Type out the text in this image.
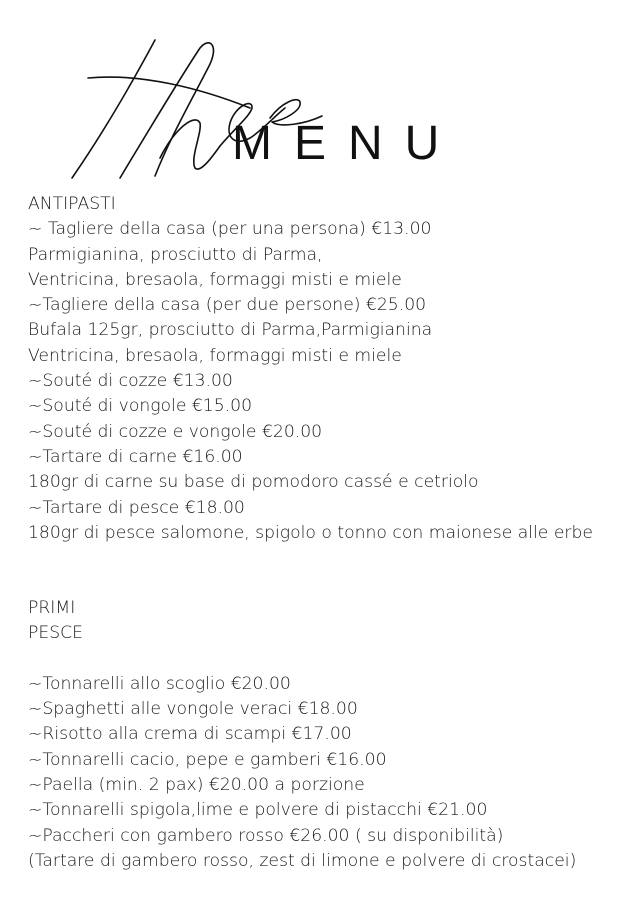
MENU
ANTIPASTI
~ Tagliere della casa (per una persona) €13.00
Parmigianina, prosciutto di Parma,
Ventricina, bresaola, formaggi misti e miele
~Tagliere della casa (per due persone) €25.00
Bufala 125gr, prosciutto di Parma,Parmigianina
Ventricina, bresaola, formaggi misti e miele
~Souté di cozze €13.00
~Souté di vongole €15.00
~Souté di cozze e vongole €20.00
~Tartare di carne €16.00
180gr di carne su base di pomodoro cassé e cetriolo
~Tartare di pesce €18.00
180gr di pesce salomone, spigolo o tonno con maionese alle erbe
PRIMI
PESCE
~Tonnarelli allo scoglio €20.00
~Spaghetti alle vongole veraci €18.00
~Risotto alla crema di scampi €17.00
~Tonnarelli cacio, pepe e gamberi €16.00
~Paella (min. 2 pax) €20.00 a porzione
~Tonnarelli spigola,lime e polvere di pistacchi €21.00
~Paccheri con gambero rosso €26.00 ( su disponibilità)
(Tartare di gambero rosso, zest di limone e polvere di crostacei)
